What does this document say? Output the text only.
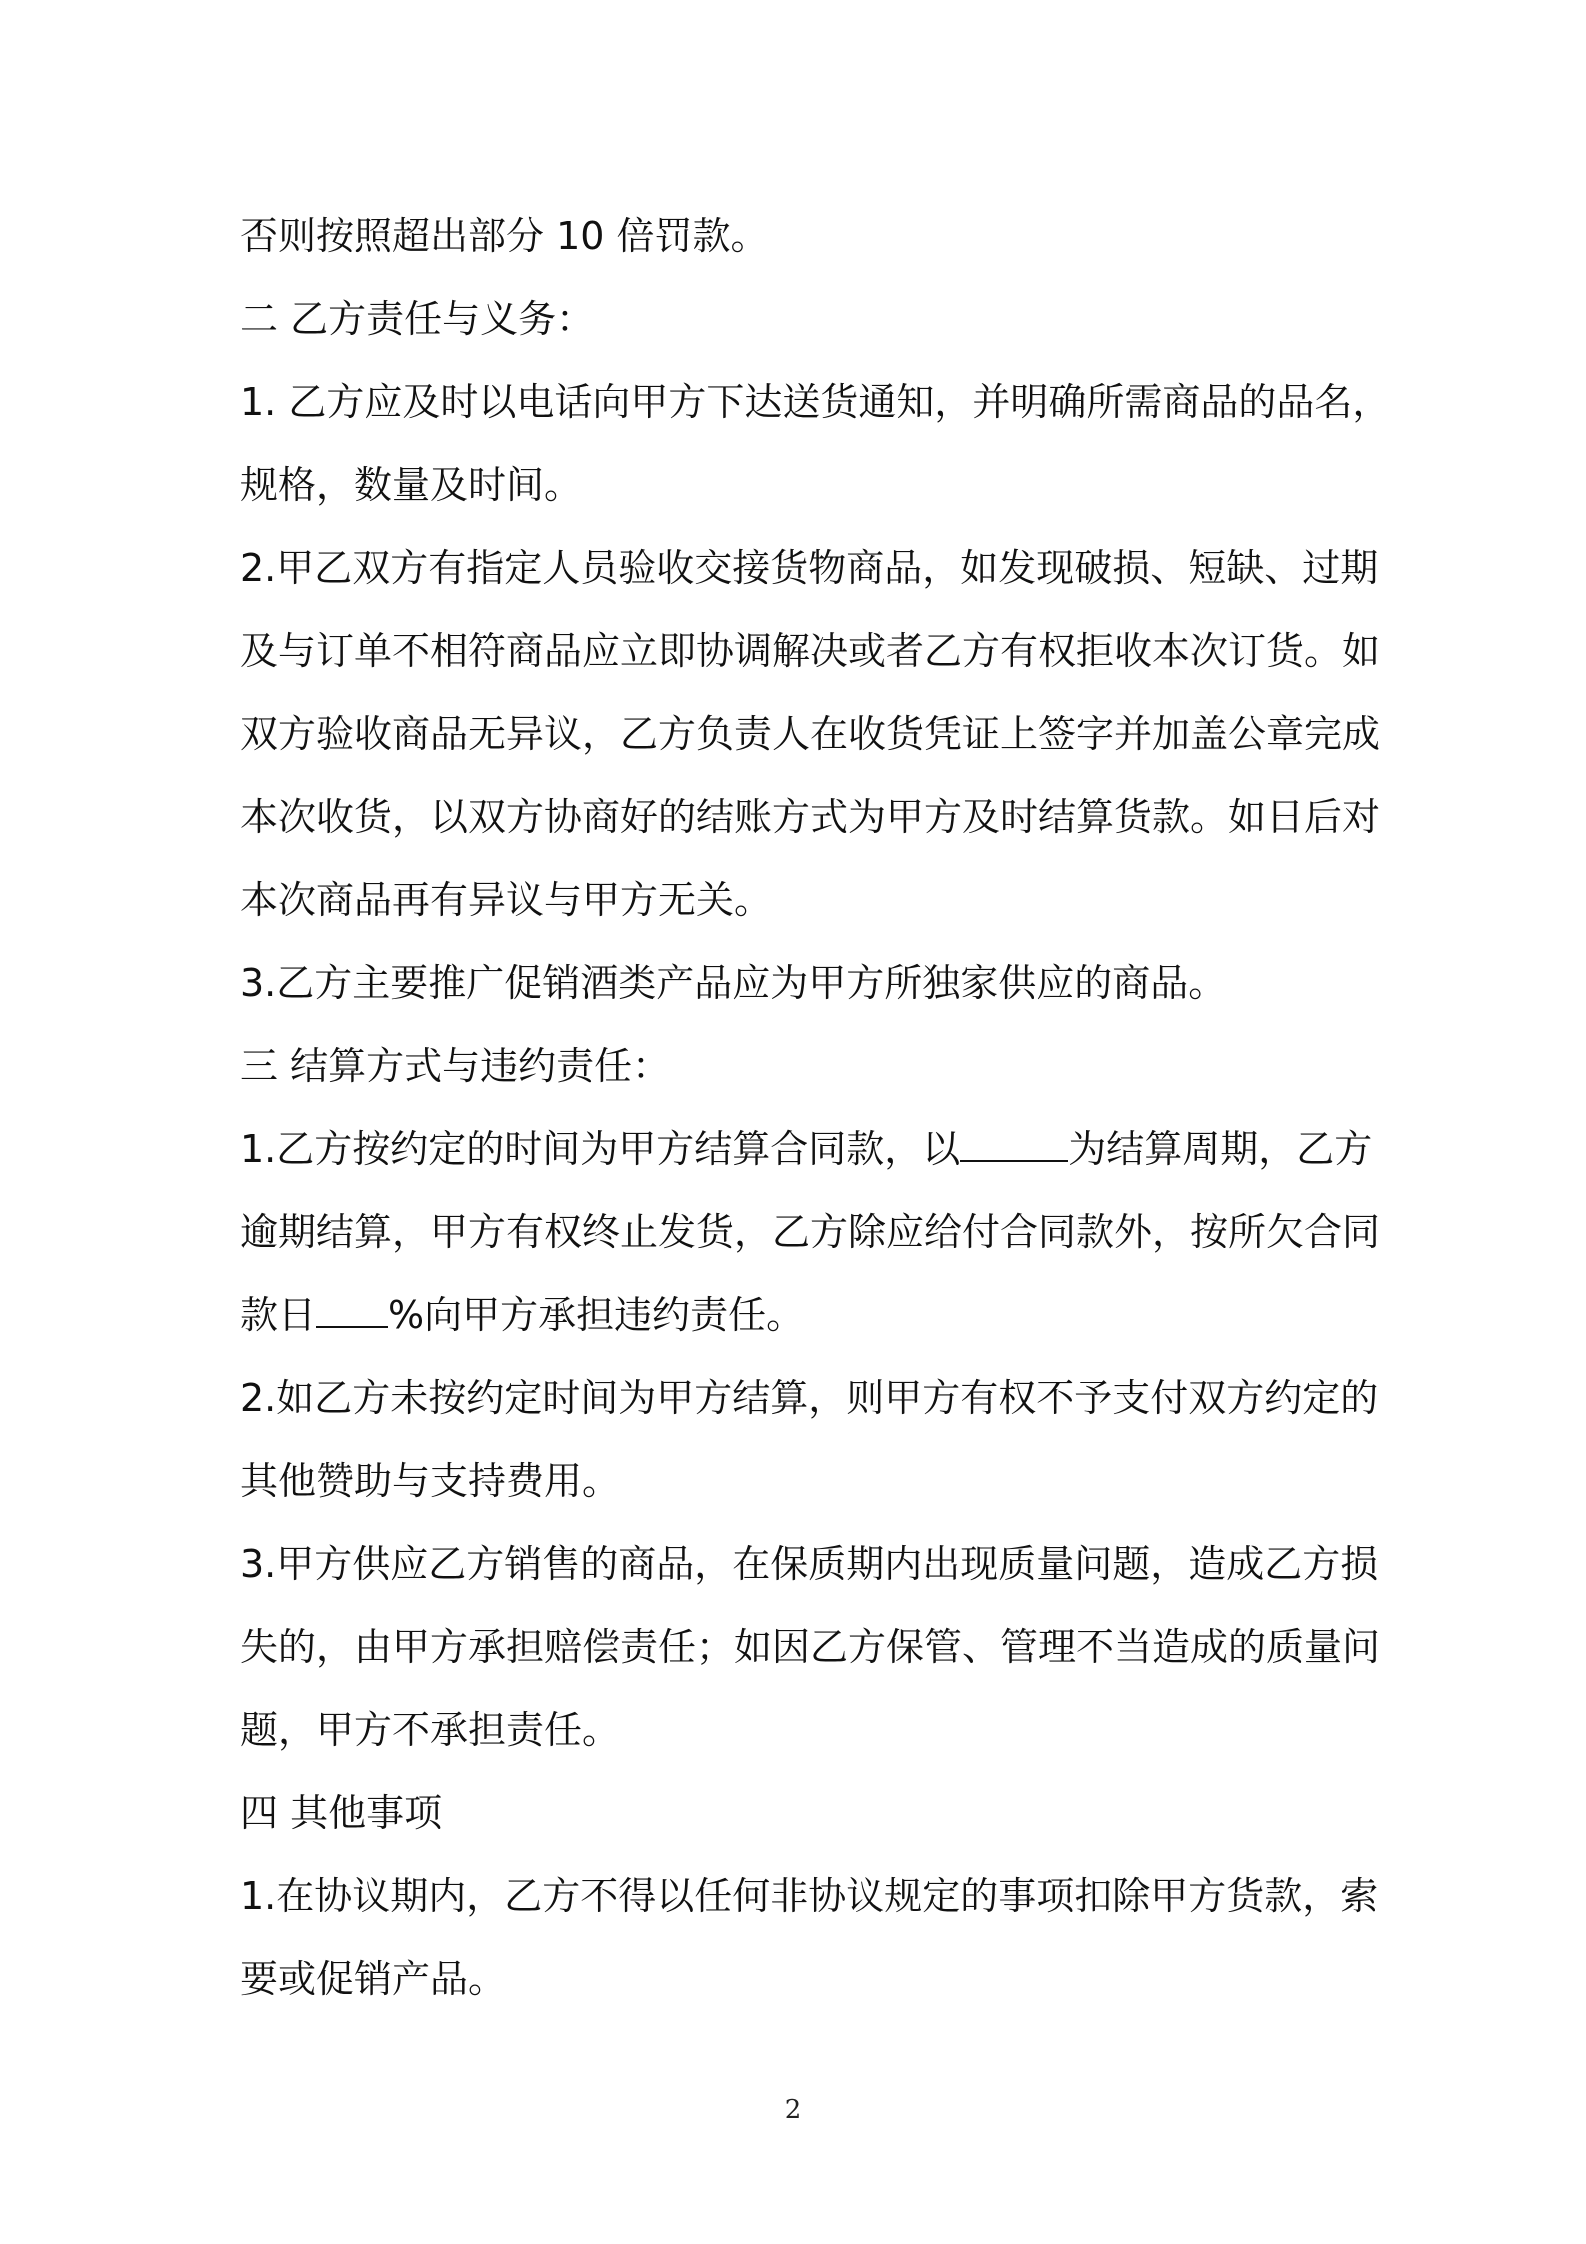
否则按照超出部分 10 倍罚款。

二 乙方责任与义务：

1. 乙方应及时以电话向甲方下达送货通知，并明确所需商品的品名，

规格，数量及时间。

2.甲乙双方有指定人员验收交接货物商品，如发现破损、短缺、过期

及与订单不相符商品应立即协调解决或者乙方有权拒收本次订货。如

双方验收商品无异议，乙方负责人在收货凭证上签字并加盖公章完成

本次收货，以双方协商好的结账方式为甲方及时结算货款。如日后对

本次商品再有异议与甲方无关。

3.乙方主要推广促销酒类产品应为甲方所独家供应的商品。

三 结算方式与违约责任：

1.乙方按约定的时间为甲方结算合同款，以	为结算周期，乙方

逾期结算，甲方有权终止发货，乙方除应给付合同款外，按所欠合同

款日 %向甲方承担违约责任。

2.如乙方未按约定时间为甲方结算，则甲方有权不予支付双方约定的

其他赞助与支持费用。

3.甲方供应乙方销售的商品，在保质期内出现质量问题，造成乙方损

失的，由甲方承担赔偿责任；如因乙方保管、管理不当造成的质量问

题，甲方不承担责任。

四 其他事项

1.在协议期内，乙方不得以任何非协议规定的事项扣除甲方货款，索

要或促销产品。

2
